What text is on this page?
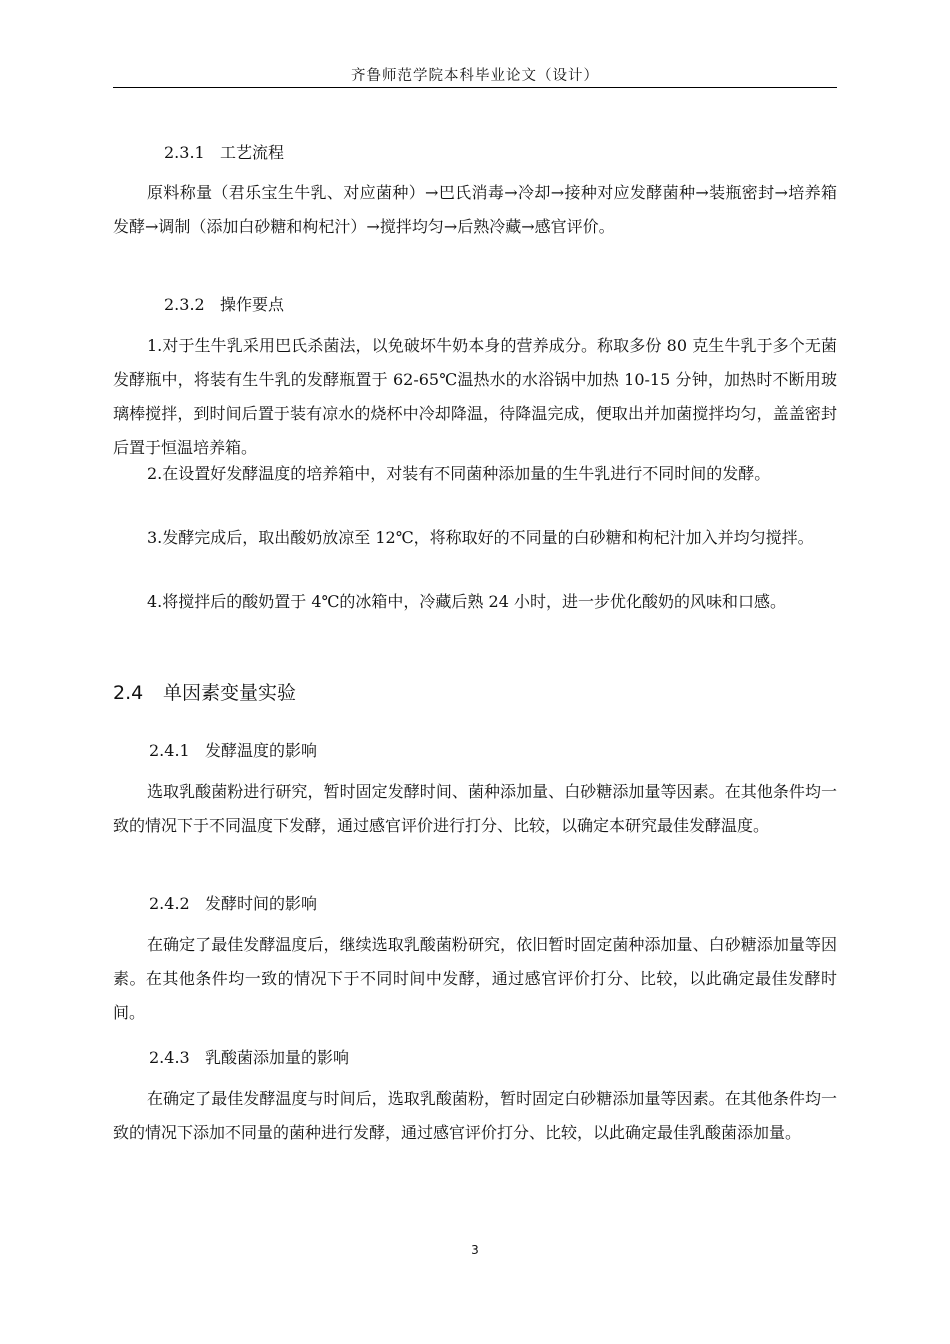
齐鲁师范学院本科毕业论文（设计）
2.3.1 工艺流程
原料称量（君乐宝生牛乳、对应菌种）→巴氏消毒→冷却→接种对应发酵菌种→装瓶密封→培养箱发酵→调制（添加白砂糖和枸杞汁）→搅拌均匀→后熟冷藏→感官评价。
2.3.2 操作要点
1.对于生牛乳采用巴氏杀菌法，以免破坏牛奶本身的营养成分。称取多份 80 克生牛乳于多个无菌发酵瓶中，将装有生牛乳的发酵瓶置于 62-65℃温热水的水浴锅中加热 10-15 分钟，加热时不断用玻璃棒搅拌，到时间后置于装有凉水的烧杯中冷却降温，待降温完成，便取出并加菌搅拌均匀，盖盖密封后置于恒温培养箱。
2.在设置好发酵温度的培养箱中，对装有不同菌种添加量的生牛乳进行不同时间的发酵。
3.发酵完成后，取出酸奶放凉至 12℃，将称取好的不同量的白砂糖和枸杞汁加入并均匀搅拌。
4.将搅拌后的酸奶置于 4℃的冰箱中，冷藏后熟 24 小时，进一步优化酸奶的风味和口感。
2.4 单因素变量实验
2.4.1 发酵温度的影响
选取乳酸菌粉进行研究，暂时固定发酵时间、菌种添加量、白砂糖添加量等因素。在其他条件均一致的情况下于不同温度下发酵，通过感官评价进行打分、比较，以确定本研究最佳发酵温度。
2.4.2 发酵时间的影响
在确定了最佳发酵温度后，继续选取乳酸菌粉研究，依旧暂时固定菌种添加量、白砂糖添加量等因素。在其他条件均一致的情况下于不同时间中发酵，通过感官评价打分、比较，以此确定最佳发酵时间。
2.4.3 乳酸菌添加量的影响
在确定了最佳发酵温度与时间后，选取乳酸菌粉，暂时固定白砂糖添加量等因素。在其他条件均一致的情况下添加不同量的菌种进行发酵，通过感官评价打分、比较，以此确定最佳乳酸菌添加量。
3
